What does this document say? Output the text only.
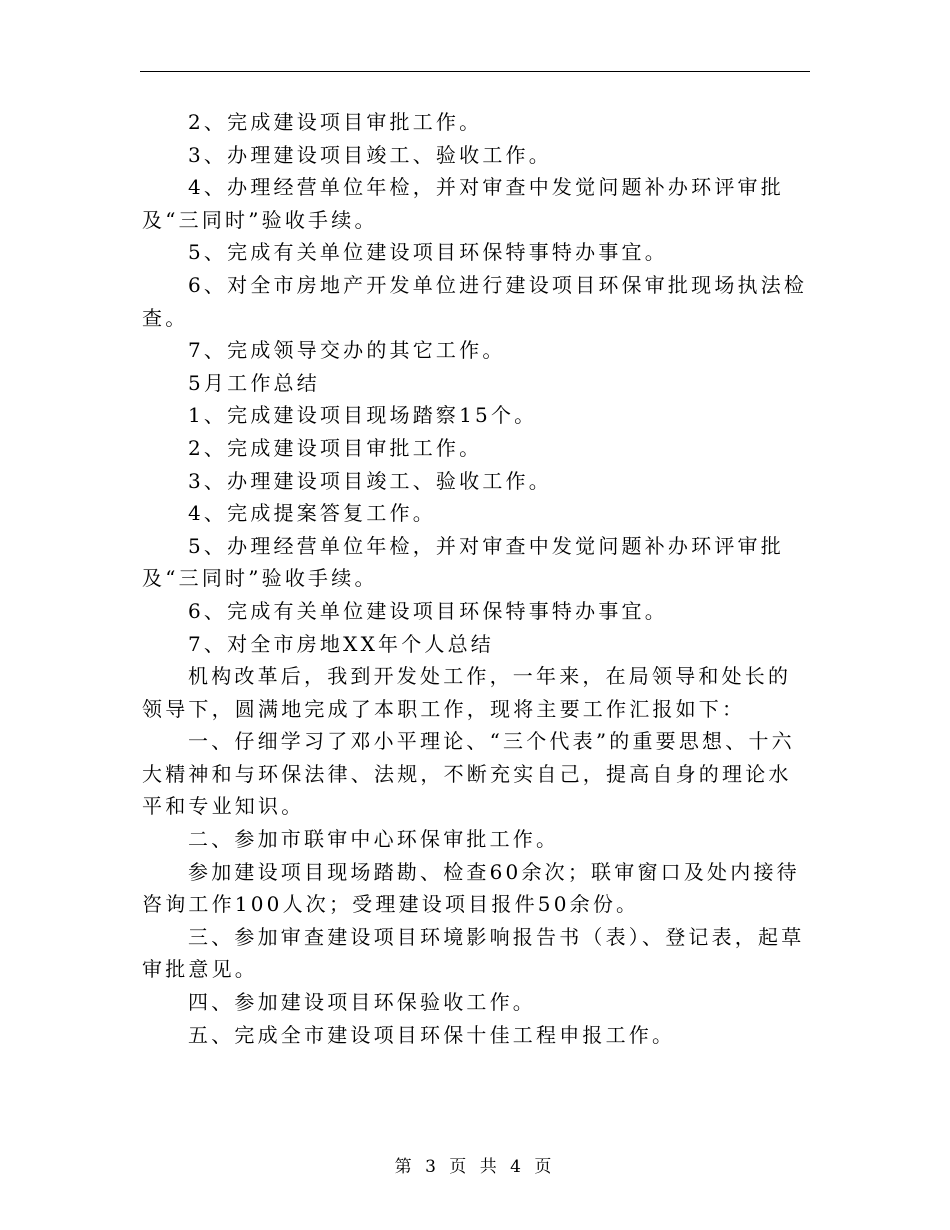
2、完成建设项目审批工作。

3、办理建设项目竣工、验收工作。

4、办理经营单位年检，并对审查中发觉问题补办环评审批及“三同时”验收手续。

5、完成有关单位建设项目环保特事特办事宜。

6、对全市房地产开发单位进行建设项目环保审批现场执法检查。

7、完成领导交办的其它工作。

5月工作总结

1、完成建设项目现场踏察15个。

2、完成建设项目审批工作。

3、办理建设项目竣工、验收工作。

4、完成提案答复工作。

5、办理经营单位年检，并对审查中发觉问题补办环评审批及“三同时”验收手续。

6、完成有关单位建设项目环保特事特办事宜。

7、对全市房地XX年个人总结

机构改革后，我到开发处工作，一年来，在局领导和处长的领导下，圆满地完成了本职工作，现将主要工作汇报如下：

一、仔细学习了邓小平理论、“三个代表”的重要思想、十六大精神和与环保法律、法规，不断充实自己，提高自身的理论水平和专业知识。

二、参加市联审中心环保审批工作。

参加建设项目现场踏勘、检查60余次；联审窗口及处内接待咨询工作100人次；受理建设项目报件50余份。

三、参加审查建设项目环境影响报告书（表）、登记表，起草审批意见。

四、参加建设项目环保验收工作。

五、完成全市建设项目环保十佳工程申报工作。

第 3 页 共 4 页
